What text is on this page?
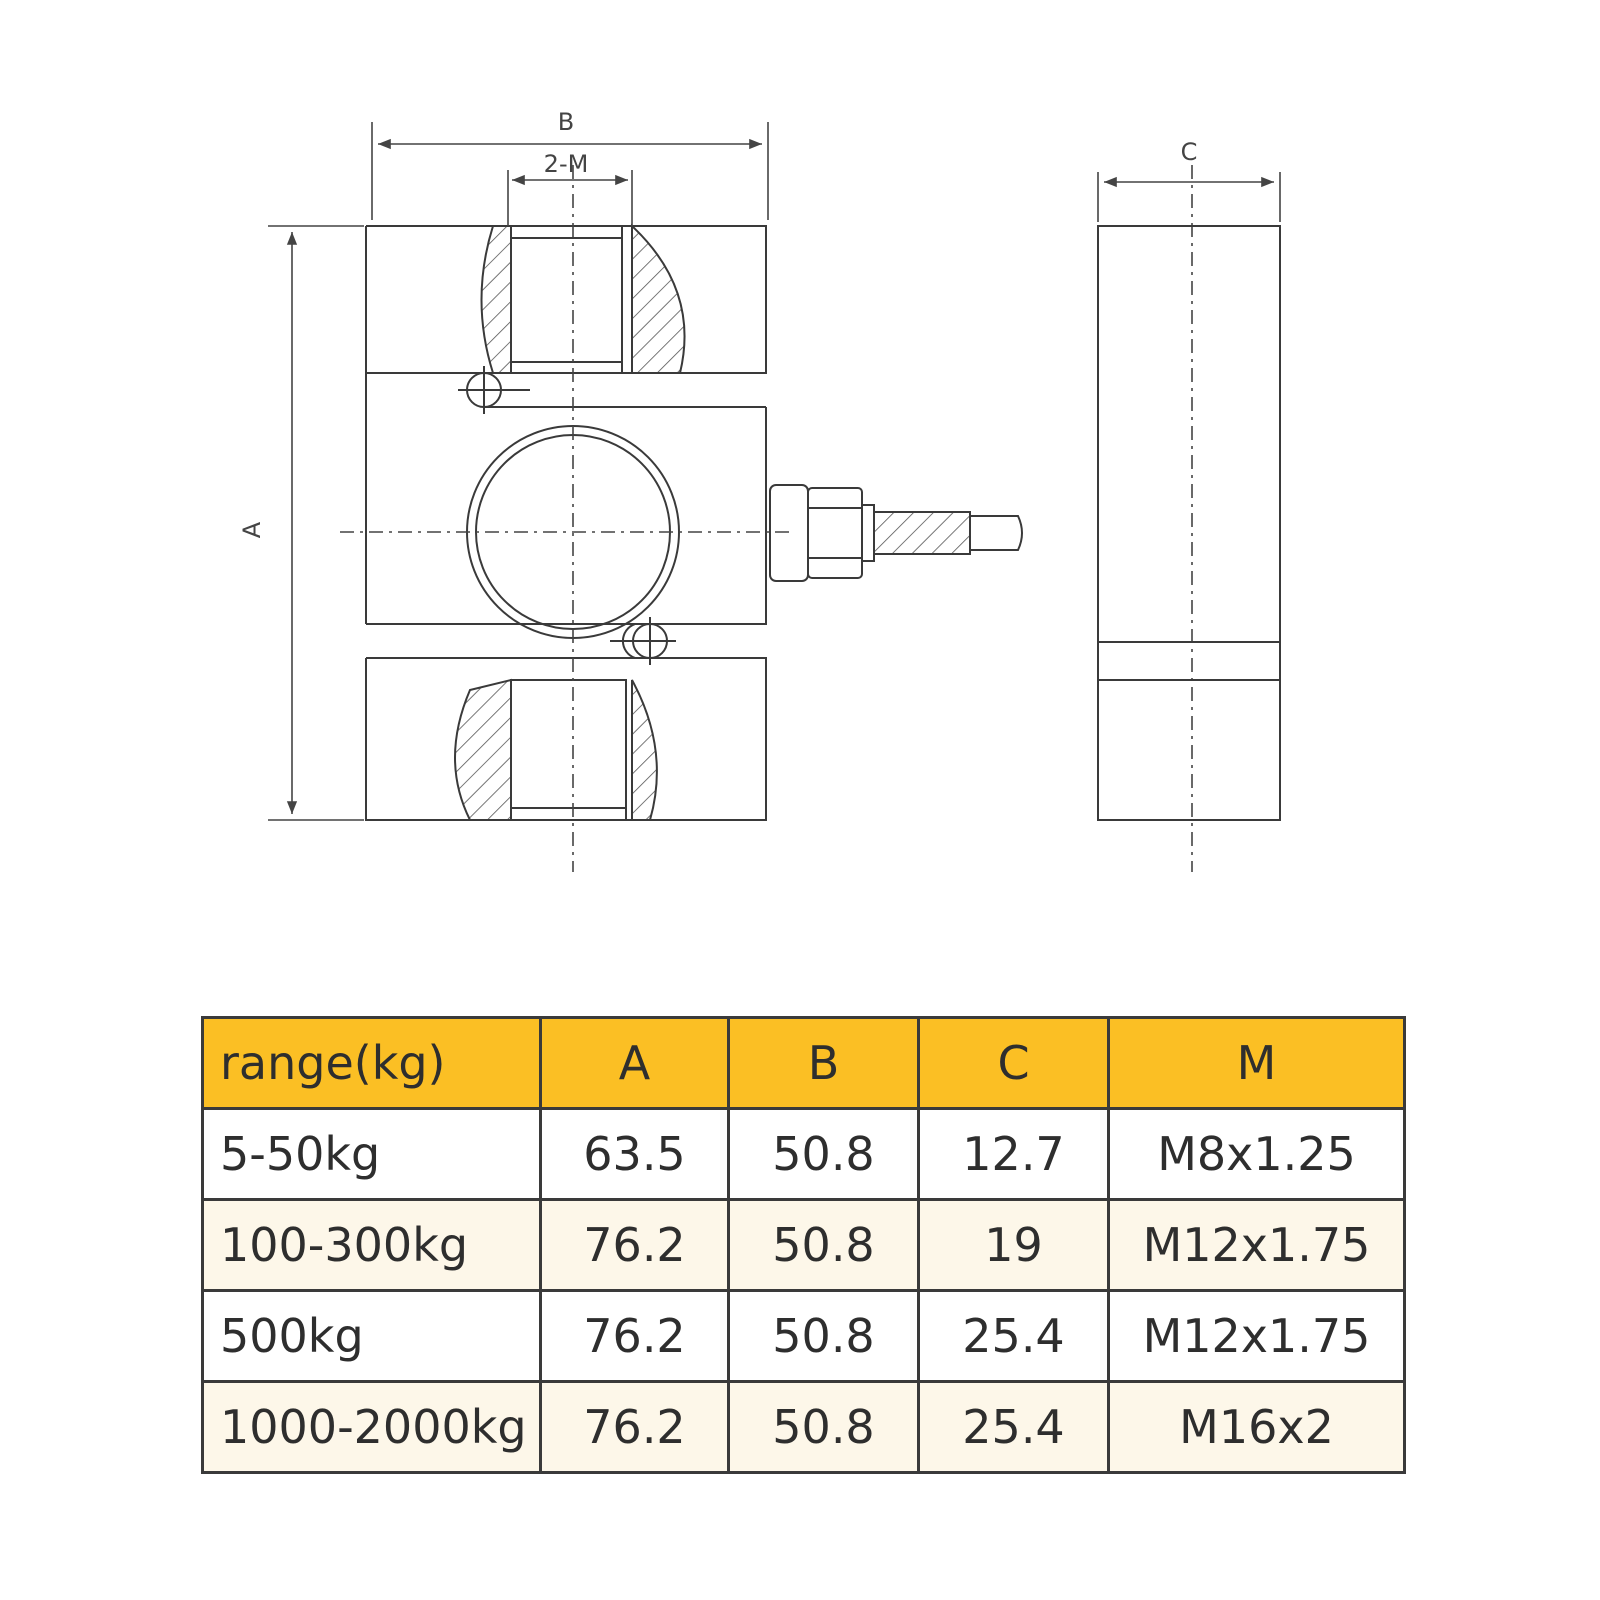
B
2-M
A
C
range(kg)	A	B	C	M
5-50kg	63.5	50.8	12.7	M8x1.25
100-300kg	76.2	50.8	19	M12x1.75
500kg	76.2	50.8	25.4	M12x1.75
1000-2000kg	76.2	50.8	25.4	M16x2
